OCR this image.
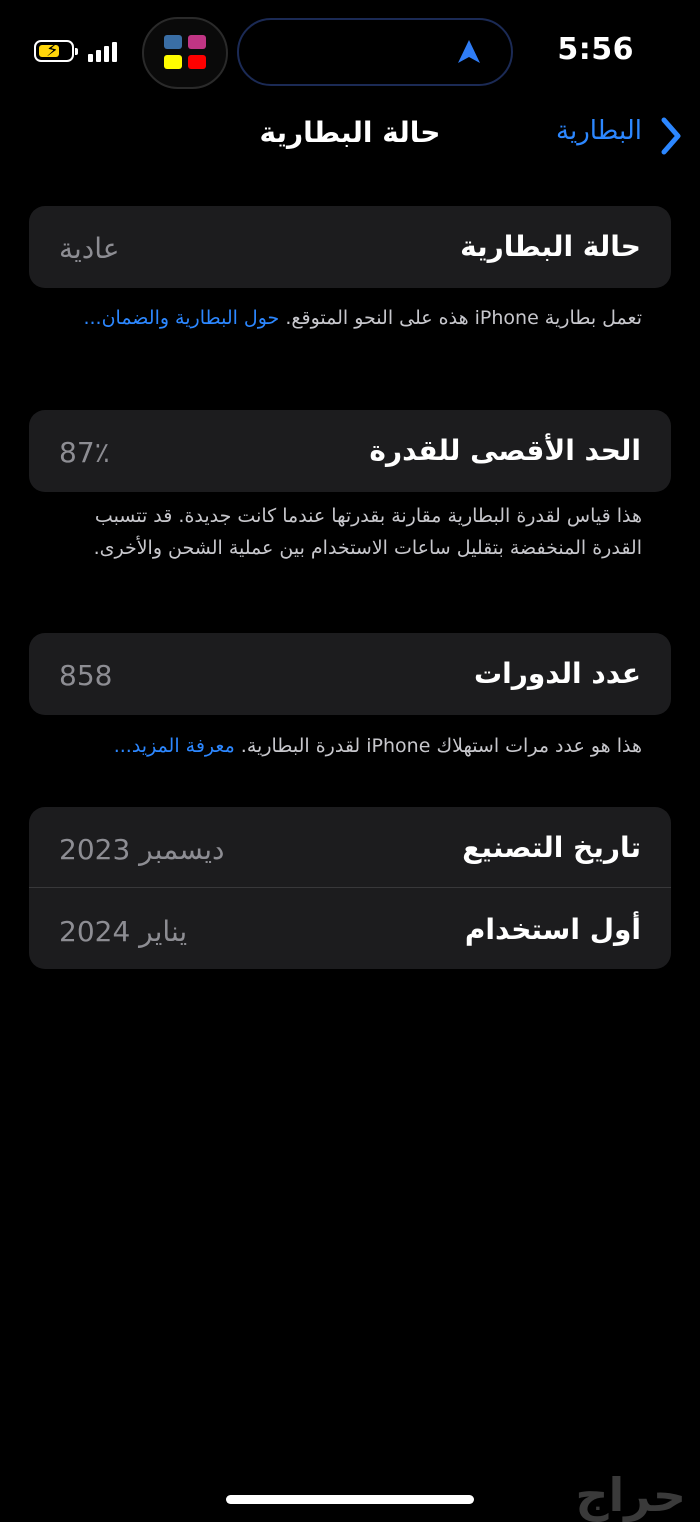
5:56
⚡
البطارية
حالة البطارية
حالة البطارية
عادية
تعمل بطارية iPhone هذه على النحو المتوقع. حول البطارية والضمان...
الحد الأقصى للقدرة
87٪
هذا قياس لقدرة البطارية مقارنة بقدرتها عندما كانت جديدة. قد تتسبب القدرة المنخفضة بتقليل ساعات الاستخدام بين عملية الشحن والأخرى.
عدد الدورات
858
هذا هو عدد مرات استهلاك iPhone لقدرة البطارية. معرفة المزيد...
تاريخ التصنيع
ديسمبر 2023
أول استخدام
يناير 2024
حراج
